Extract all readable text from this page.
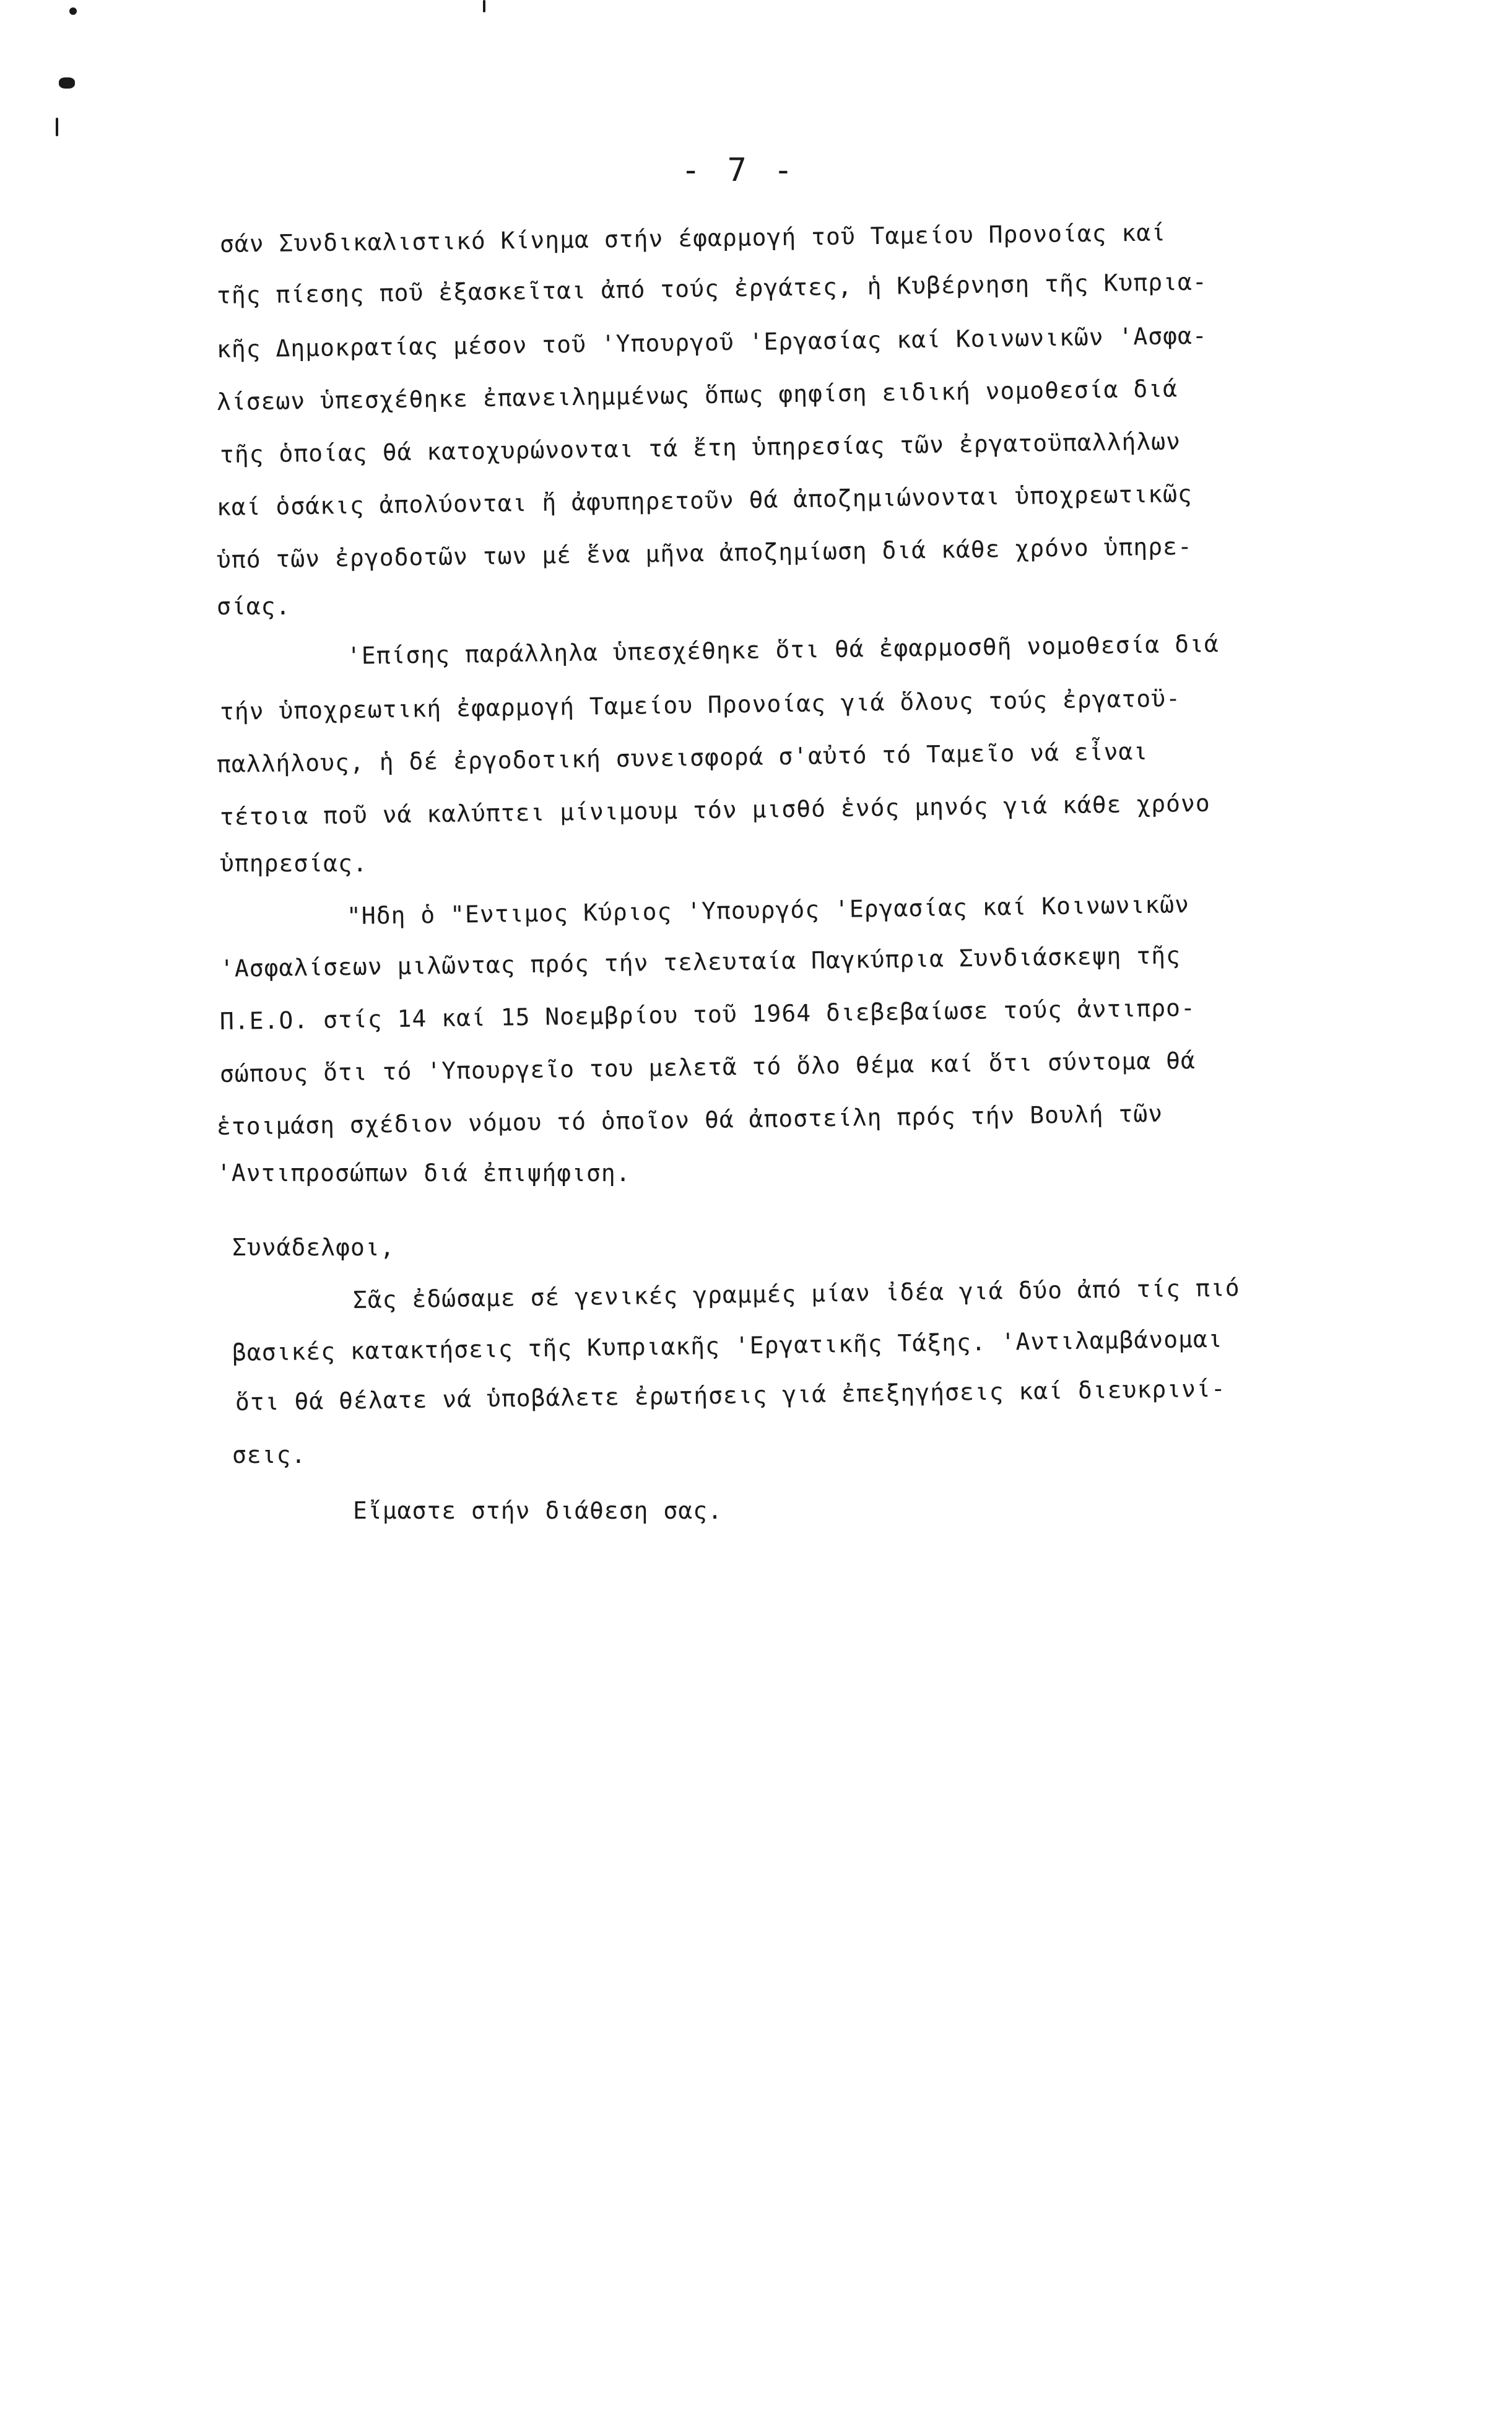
- 7 -
σάν Συνδικαλιστικό Κίνημα στήν έφαρμογή τοῦ Ταμείου Προνοίας καί
τῆς πίεσης ποῦ ἐξασκεῖται ἀπό τούς ἐργάτες, ἡ Κυβέρνηση τῆς Κυπρια-
κῆς Δημοκρατίας μέσον τοῦ 'Υπουργοῦ 'Εργασίας καί Κοινωνικῶν 'Ασφα-
λίσεων ὑπεσχέθηκε ἐπανειλημμένως ὅπως φηφίση ειδική νομοθεσία διά
τῆς ὁποίας θά κατοχυρώνονται τά ἔτη ὑπηρεσίας τῶν ἐργατοϋπαλλήλων
καί ὁσάκις ἀπολύονται ἤ ἀφυπηρετοῦν θά ἀποζημιώνονται ὑποχρεωτικῶς
ὑπό τῶν ἐργοδοτῶν των μέ ἕνα μῆνα ἀποζημίωση διά κάθε χρόνο ὑπηρε-
σίας.
'Επίσης παράλληλα ὑπεσχέθηκε ὅτι θά ἐφαρμοσθῆ νομοθεσία διά
τήν ὑποχρεωτική ἐφαρμογή Ταμείου Προνοίας γιά ὅλους τούς ἐργατοϋ-
παλλήλους, ἡ δέ ἐργοδοτική συνεισφορά σ'αὐτό τό Ταμεῖο νά εἶναι
τέτοια ποῦ νά καλύπτει μίνιμουμ τόν μισθό ἑνός μηνός γιά κάθε χρόνο
ὑπηρεσίας.
"Ηδη ὁ "Εντιμος Κύριος 'Υπουργός 'Εργασίας καί Κοινωνικῶν
'Ασφαλίσεων μιλῶντας πρός τήν τελευταία Παγκύπρια Συνδιάσκεψη τῆς
Π.Ε.Ο. στίς 14 καί 15 Νοεμβρίου τοῦ 1964 διεβεβαίωσε τούς ἀντιπρο-
σώπους ὅτι τό 'Υπουργεῖο του μελετᾶ τό ὅλο θέμα καί ὅτι σύντομα θά
ἑτοιμάση σχέδιον νόμου τό ὁποῖον θά ἀποστείλη πρός τήν Βουλή τῶν
'Αντιπροσώπων διά ἐπιψήφιση.
Συνάδελφοι,
Σᾶς ἐδώσαμε σέ γενικές γραμμές μίαν ἰδέα γιά δύο ἀπό τίς πιό
βασικές κατακτήσεις τῆς Κυπριακῆς 'Εργατικῆς Τάξης. 'Αντιλαμβάνομαι
ὅτι θά θέλατε νά ὑποβάλετε ἐρωτήσεις γιά ἐπεξηγήσεις καί διευκρινί-
σεις.
Εἴμαστε στήν διάθεση σας.
